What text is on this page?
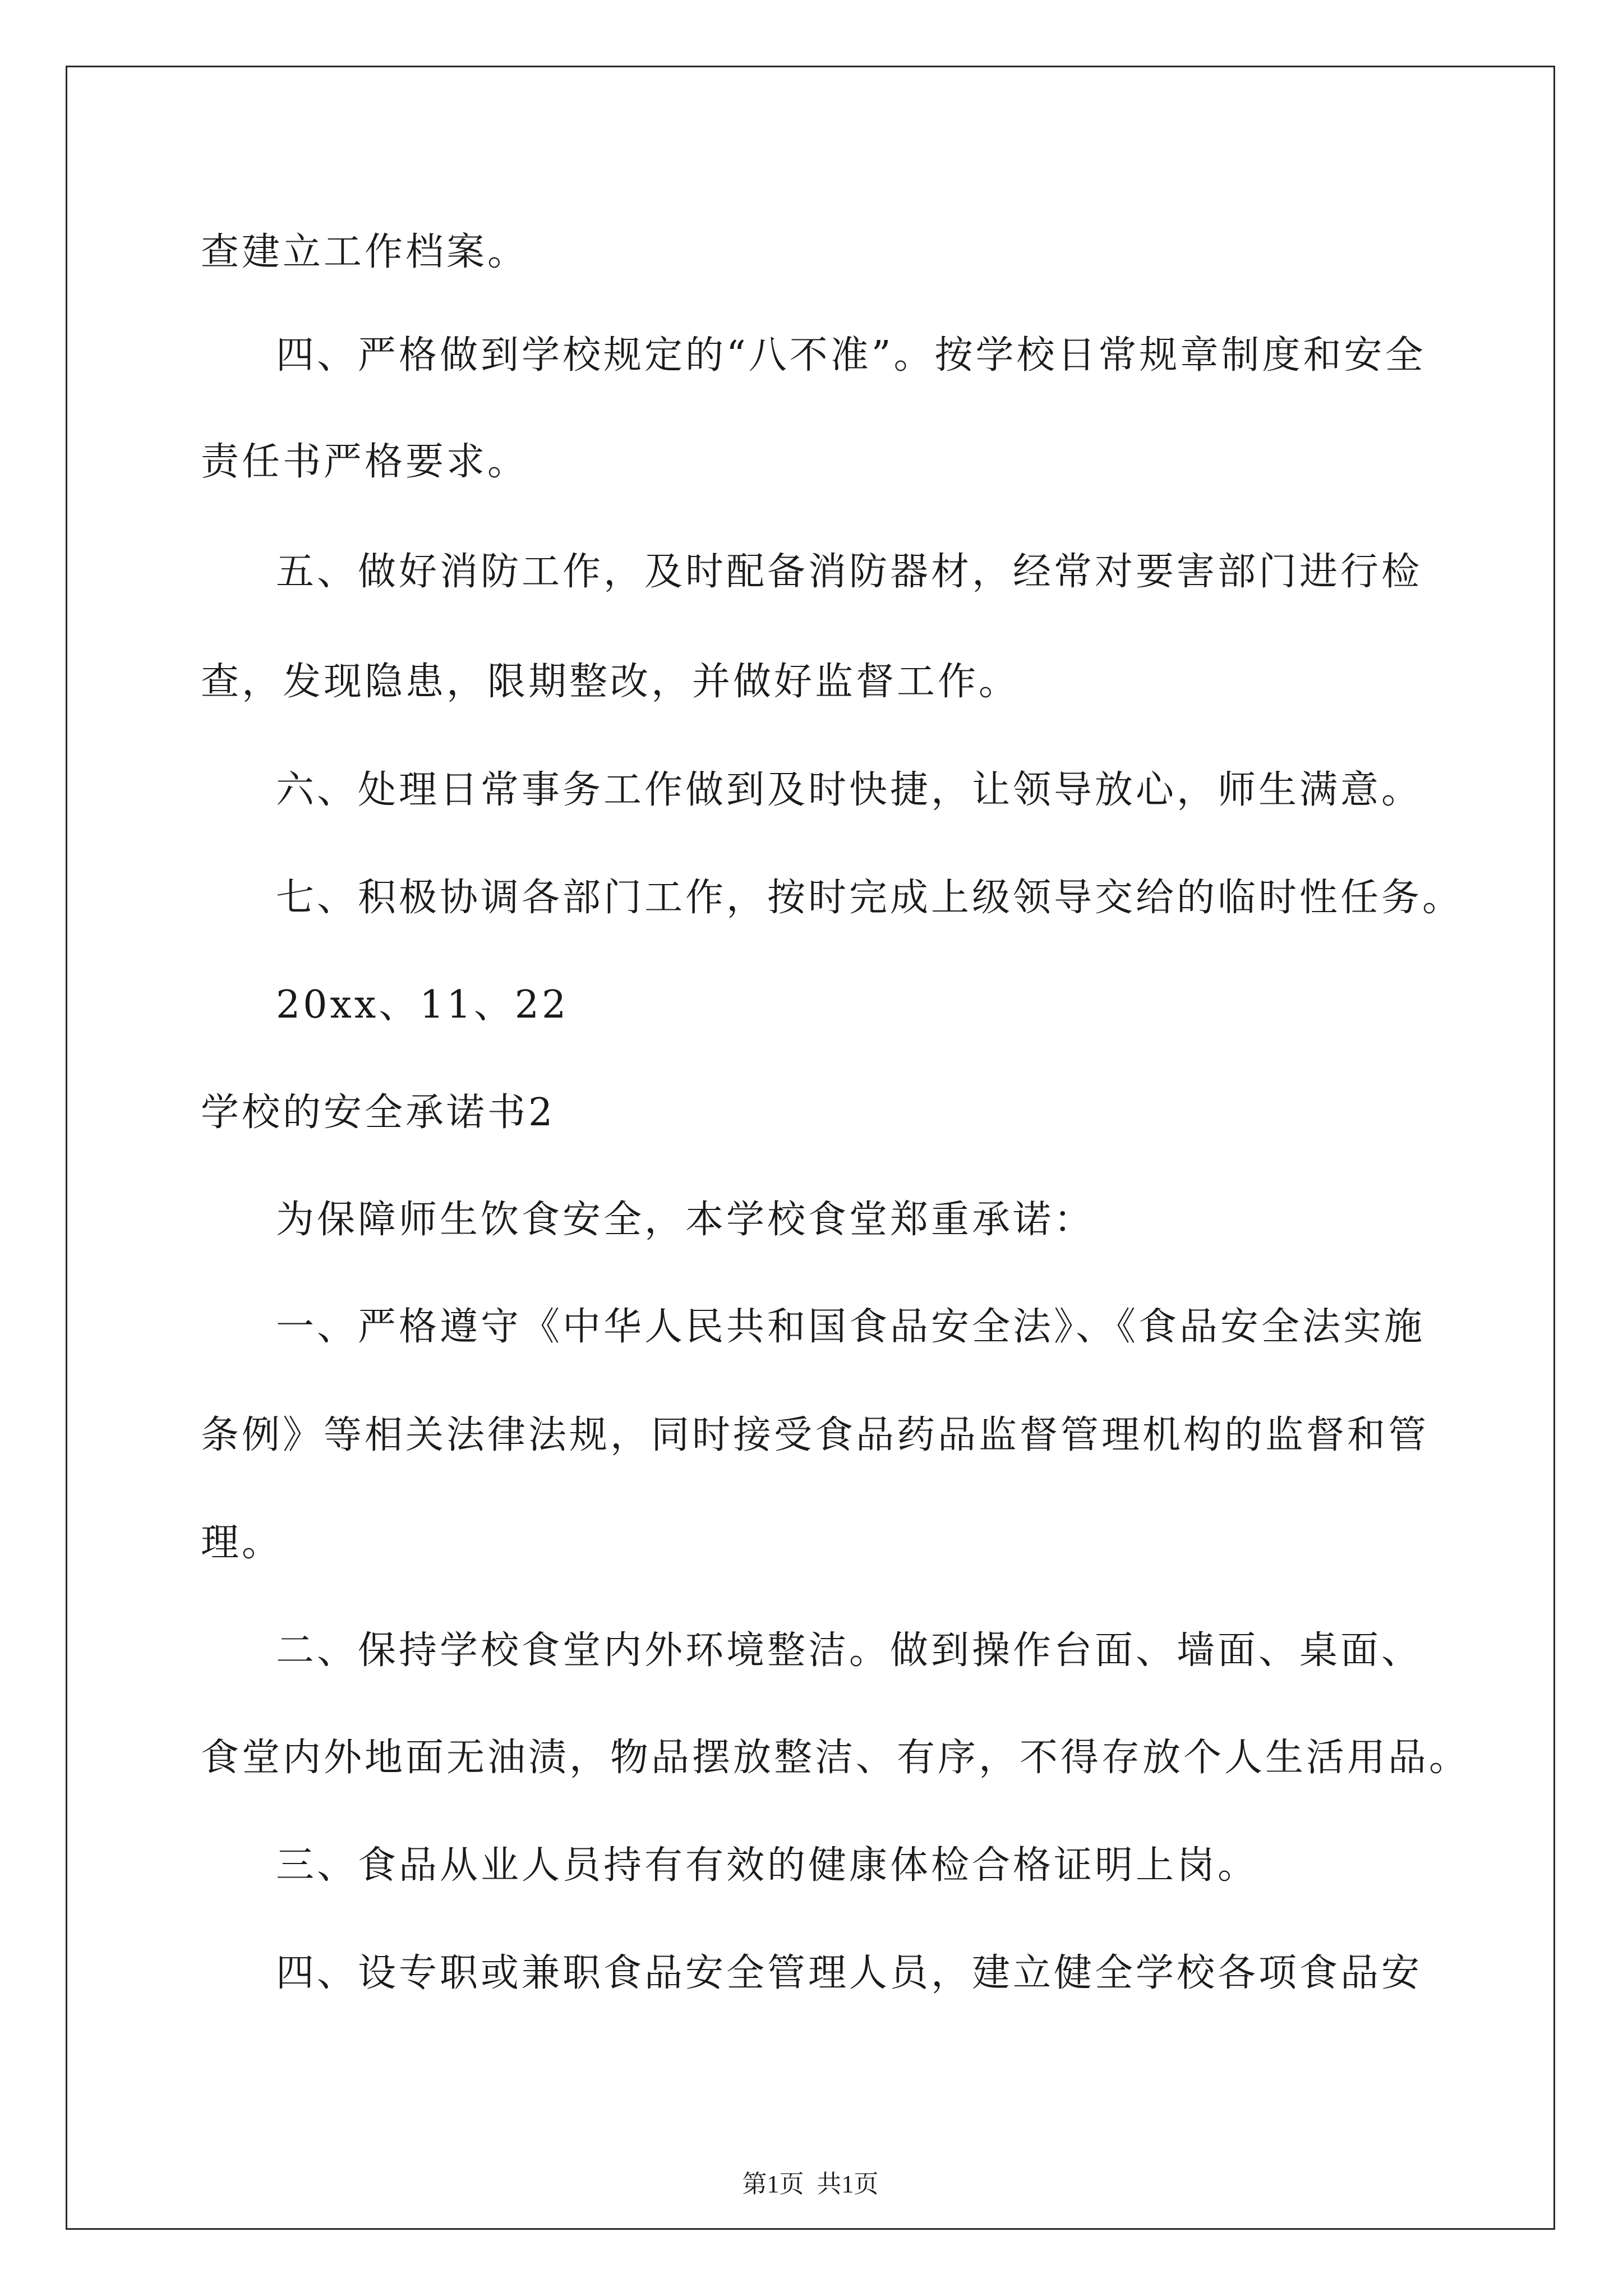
查建立工作档案。
四、严格做到学校规定的“八不准”。按学校日常规章制度和安全
责任书严格要求。
五、做好消防工作，及时配备消防器材，经常对要害部门进行检
查，发现隐患，限期整改，并做好监督工作。
六、处理日常事务工作做到及时快捷，让领导放心，师生满意。
七、积极协调各部门工作，按时完成上级领导交给的临时性任务。
20xx、11、22
学校的安全承诺书2
为保障师生饮食安全，本学校食堂郑重承诺：
一、严格遵守《中华人民共和国食品安全法》、《食品安全法实施
条例》等相关法律法规，同时接受食品药品监督管理机构的监督和管
理。
二、保持学校食堂内外环境整洁。做到操作台面、墙面、桌面、
食堂内外地面无油渍，物品摆放整洁、有序，不得存放个人生活用品。
三、食品从业人员持有有效的健康体检合格证明上岗。
四、设专职或兼职食品安全管理人员，建立健全学校各项食品安
第1页 共1页
